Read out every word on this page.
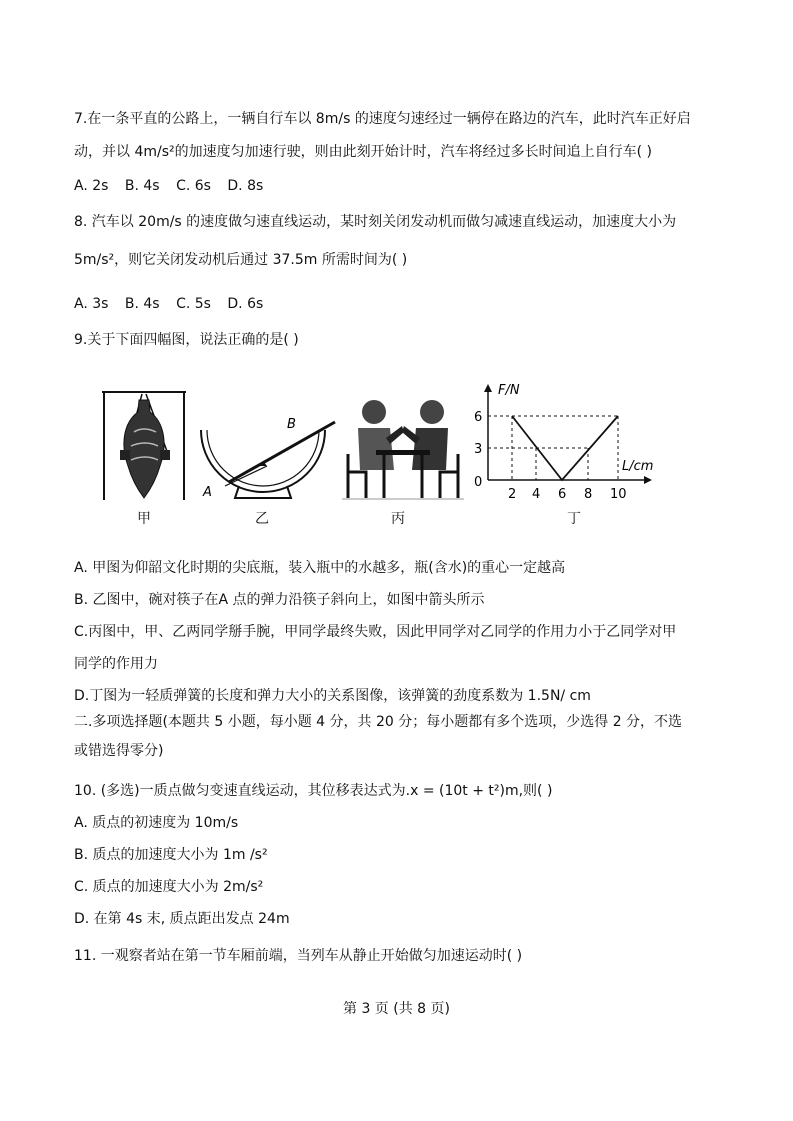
7.在一条平直的公路上，一辆自行车以 8m/s 的速度匀速经过一辆停在路边的汽车，此时汽车正好启
动，并以 4m/s²的加速度匀加速行驶，则由此刻开始计时，汽车将经过多长时间追上自行车( )
A. 2s B. 4s C. 6s D. 8s
8. 汽车以 20m/s 的速度做匀速直线运动，某时刻关闭发动机而做匀减速直线运动，加速度大小为
5m/s²，则它关闭发动机后通过 37.5m 所需时间为( )
A. 3s B. 4s C. 5s D. 6s
9.关于下面四幅图，说法正确的是( )
甲
A
B
乙	丙
F/N
L/cm
6
3
0
2 4 6 8 10
丁
A. 甲图为仰韶文化时期的尖底瓶，装入瓶中的水越多，瓶(含水)的重心一定越高
B. 乙图中，碗对筷子在A 点的弹力沿筷子斜向上，如图中箭头所示
C.丙图中，甲、乙两同学掰手腕，甲同学最终失败，因此甲同学对乙同学的作用力小于乙同学对甲
同学的作用力
D.丁图为一轻质弹簧的长度和弹力大小的关系图像，该弹簧的劲度系数为 1.5N/ cm
二.多项选择题(本题共 5 小题，每小题 4 分，共 20 分；每小题都有多个选项，少选得 2 分，不选
或错选得零分)
10. (多选)一质点做匀变速直线运动，其位移表达式为.x = (10t + t²)m,则( )
A. 质点的初速度为 10m/s
B. 质点的加速度大小为 1m /s²
C. 质点的加速度大小为 2m/s²
D. 在第 4s 末, 质点距出发点 24m
11. 一观察者站在第一节车厢前端，当列车从静止开始做匀加速运动时( )
第 3 页 (共 8 页)
